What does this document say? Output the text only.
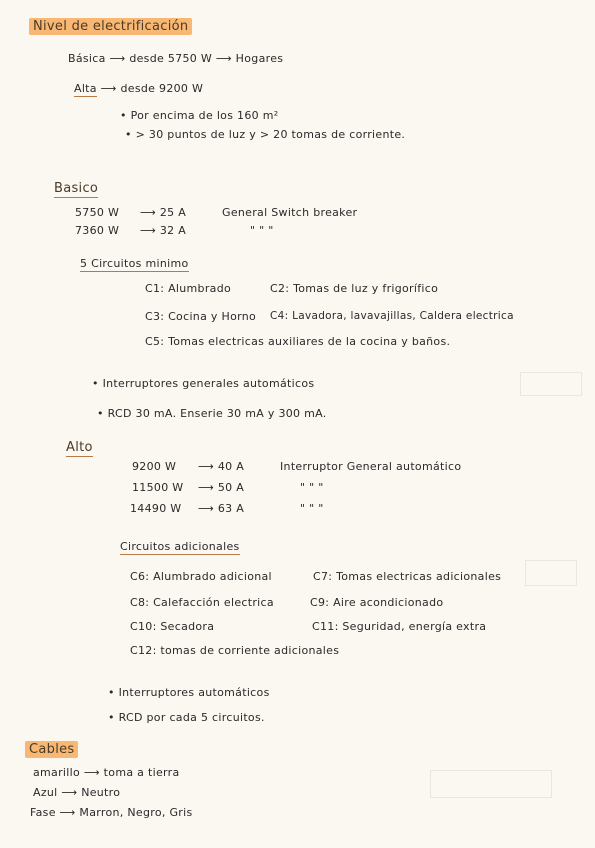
Nivel de electrificación
Básica ⟶ desde 5750 W ⟶ Hogares
Alta ⟶ desde 9200 W
• Por encima de los 160 m²
• > 30 puntos de luz y > 20 tomas de corriente.
Basico
5750 W ⟶ 25 A	General Switch breaker
7360 W ⟶ 32 A	" " "
5 Circuitos minimo
C1: Alumbrado	C2: Tomas de luz y frigorífico
C3: Cocina y Horno C4: Lavadora, lavavajillas, Caldera electrica
C5: Tomas electricas auxiliares de la cocina y baños.
• Interruptores generales automáticos
• RCD 30 mA. Enserie 30 mA y 300 mA.
Alto
9200 W ⟶ 40 A	Interruptor General automático
11500 W ⟶ 50 A	" " "
14490 W ⟶ 63 A	" " "
Circuitos adicionales
C6: Alumbrado adicional	C7: Tomas electricas adicionales
C8: Calefacción electrica	C9: Aire acondicionado
C10: Secadora	C11: Seguridad, energía extra
C12: tomas de corriente adicionales
• Interruptores automáticos
• RCD por cada 5 circuitos.
Cables
amarillo ⟶ toma a tierra
Azul ⟶ Neutro
Fase ⟶ Marron, Negro, Gris
